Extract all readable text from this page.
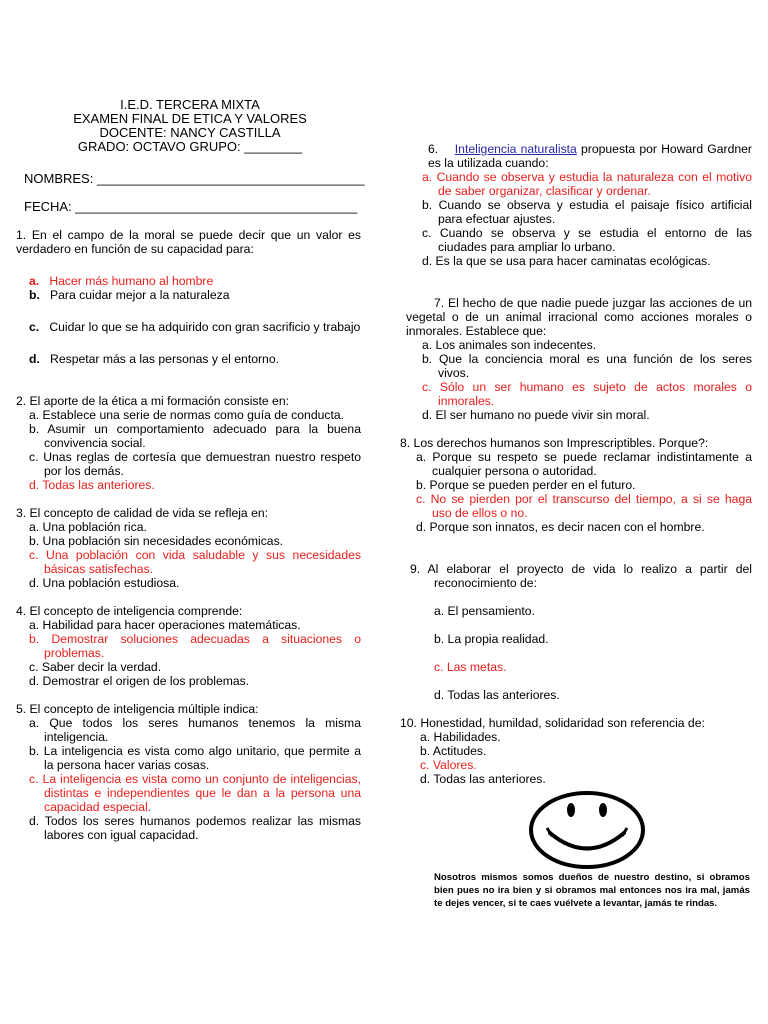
I.E.D. TERCERA MIXTA
EXAMEN FINAL DE ETICA Y VALORES
DOCENTE: NANCY CASTILLA
GRADO: OCTAVO GRUPO: ________
NOMBRES: _____________________________________
FECHA: _______________________________________
1. En el campo de la moral se puede decir que un valor es verdadero en función de su capacidad para:
a. Hacer más humano al hombre
b. Para cuidar mejor a la naturaleza
c. Cuidar lo que se ha adquirido con gran sacrificio y trabajo
d. Respetar más a las personas y el entorno.
2. El aporte de la ética a mi formación consiste en:
a. Establece una serie de normas como guía de conducta.
b. Asumir un comportamiento adecuado para la buena convivencia social.
c. Unas reglas de cortesía que demuestran nuestro respeto por los demás.
d. Todas las anteriores.
3. El concepto de calidad de vida se refleja en:
a. Una población rica.
b. Una población sin necesidades económicas.
c. Una población con vida saludable y sus necesidades básicas satisfechas.
d. Una población estudiosa.
4. El concepto de inteligencia comprende:
a. Habilidad para hacer operaciones matemáticas.
b. Demostrar soluciones adecuadas a situaciones o problemas.
c. Saber decir la verdad.
d. Demostrar el origen de los problemas.
5. El concepto de inteligencia múltiple indica:
a. Que todos los seres humanos tenemos la misma inteligencia.
b. La inteligencia es vista como algo unitario, que permite a la persona hacer varias cosas.
c. La inteligencia es vista como un conjunto de inteligencias, distintas e independientes que le dan a la persona una capacidad especial.
d. Todos los seres humanos podemos realizar las mismas labores con igual capacidad.
6.    Inteligencia naturalista propuesta por Howard Gardner es la utilizada cuando:
a. Cuando se observa y estudia la naturaleza con el motivo de saber organizar, clasificar y ordenar.
b. Cuando se observa y estudia el paisaje físico artificial para efectuar ajustes.
c. Cuando se observa y se estudia el entorno de las ciudades para ampliar lo urbano.
d. Es la que se usa para hacer caminatas ecológicas.
7. El hecho de que nadie puede juzgar las acciones de un vegetal o de un animal irracional como acciones morales o inmorales. Establece que:
a. Los animales son indecentes.
b. Que la conciencia moral es una función de los seres vivos.
c. Sólo un ser humano es sujeto de actos morales o inmorales.
d. El ser humano no puede vivir sin moral.
8. Los derechos humanos son Imprescriptibles. Porque?:
a. Porque su respeto se puede reclamar indistintamente a cualquier persona o autoridad.
b. Porque se pueden perder en el futuro.
c. No se pierden por el transcurso del tiempo, a si se haga uso de ellos o no.
d. Porque son innatos, es decir nacen con el hombre.
9. Al elaborar el proyecto de vida lo realizo a partir del reconocimiento de:
a. El pensamiento.
b. La propia realidad.
c. Las metas.
d. Todas las anteriores.
10. Honestidad, humildad, solidaridad son referencia de:
a. Habilidades.
b. Actitudes.
c. Valores.
d. Todas las anteriores.
Nosotros mismos somos dueños de nuestro destino, si obramos bien pues no ira bien y si obramos mal entonces nos ira mal, jamás te dejes vencer, si te caes vuélvete a levantar, jamás te rindas.
